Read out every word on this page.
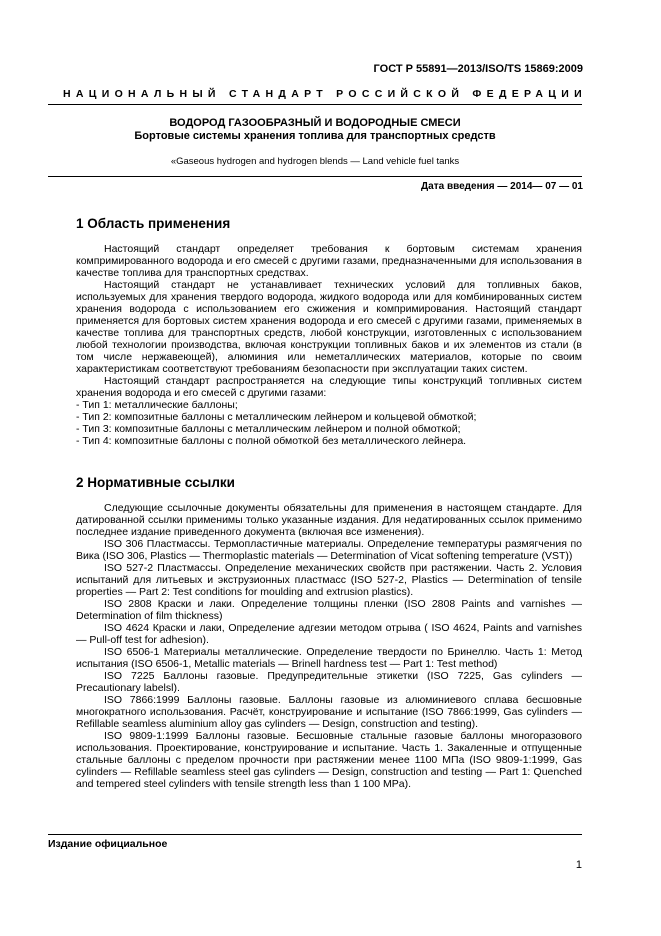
ГОСТ Р 55891—2013/ISO/TS 15869:2009
НАЦИОНАЛЬНЫЙ СТАНДАРТ РОССИЙСКОЙ ФЕДЕРАЦИИ
ВОДОРОД ГАЗООБРАЗНЫЙ И ВОДОРОДНЫЕ СМЕСИ
Бортовые системы хранения топлива для транспортных средств
«Gaseous hydrogen and hydrogen blends — Land vehicle fuel tanks
Дата введения — 2014— 07 — 01
1 Область применения

Настоящий стандарт определяет требования к бортовым системам хранения компримированного водорода и его смесей с другими газами, предназначенными для использования в качестве топлива для транспортных средствах.

Настоящий стандарт не устанавливает технических условий для топливных баков, используемых для хранения твердого водорода, жидкого водорода или для комбинированных систем хранения водорода с использованием его сжижения и компримирования. Настоящий стандарт применяется для бортовых систем хранения водорода и его смесей с другими газами, применяемых в качестве топлива для транспортных средств, любой конструкции, изготовленных с использованием любой технологии производства, включая конструкции топливных баков и их элементов из стали (в том числе нержавеющей), алюминия или неметаллических материалов, которые по своим характеристикам соответствуют требованиям безопасности при эксплуатации таких систем.

Настоящий стандарт распространяется на следующие типы конструкций топливных систем хранения водорода и его смесей с другими газами:

- Тип 1: металлические баллоны;
- Тип 2: композитные баллоны с металлическим лейнером и кольцевой обмоткой;
- Тип 3: композитные баллоны с металлическим лейнером и полной обмоткой;
- Тип 4: композитные баллоны с полной обмоткой без металлического лейнера.
2 Нормативные ссылки

Следующие ссылочные документы обязательны для применения в настоящем стандарте. Для датированной ссылки применимы только указанные издания. Для недатированных ссылок применимо последнее издание приведенного документа (включая все изменения).

ISO 306 Пластмассы. Термопластичные материалы. Определение температуры размягчения по Вика (ISO 306, Plastics — Thermoplastic materials — Determination of Vicat softening temperature (VST))

ISO 527-2 Пластмассы. Определение механических свойств при растяжении. Часть 2. Условия испытаний для литьевых и экструзионных пластмасс (ISO 527-2, Plastics — Determination of tensile properties — Part 2: Test conditions for moulding and extrusion plastics).

ISO 2808 Краски и лаки. Определение толщины пленки (ISO 2808 Paints and varnishes — Determination of film thickness)

ISO 4624 Краски и лаки, Определение адгезии методом отрыва ( ISO 4624, Paints and varnishes — Pull-off test for adhesion).

ISO 6506-1 Материалы металлические. Определение твердости по Бринеллю. Часть 1: Метод испытания (ISO 6506-1, Metallic materials — Brinell hardness test — Part 1: Test method)

ISO 7225 Баллоны газовые. Предупредительные этикетки (ISO 7225, Gas cylinders — Precautionary labelsl).

ISO 7866:1999 Баллоны газовые. Баллоны газовые из алюминиевого сплава бесшовные многократного использования. Расчёт, конструирование и испытание (ISO 7866:1999, Gas cylinders — Refillable seamless aluminium alloy gas cylinders — Design, construction and testing).

ISO 9809-1:1999 Баллоны газовые. Бесшовные стальные газовые баллоны многоразового использования. Проектирование, конструирование и испытание. Часть 1. Закаленные и отпущенные стальные баллоны с пределом прочности при растяжении менее 1100 МПа (ISO 9809-1:1999, Gas cylinders — Refillable seamless steel gas cylinders — Design, construction and testing — Part 1: Quenched and tempered steel cylinders with tensile strength less than 1 100 MPa).

Издание официальное
1
